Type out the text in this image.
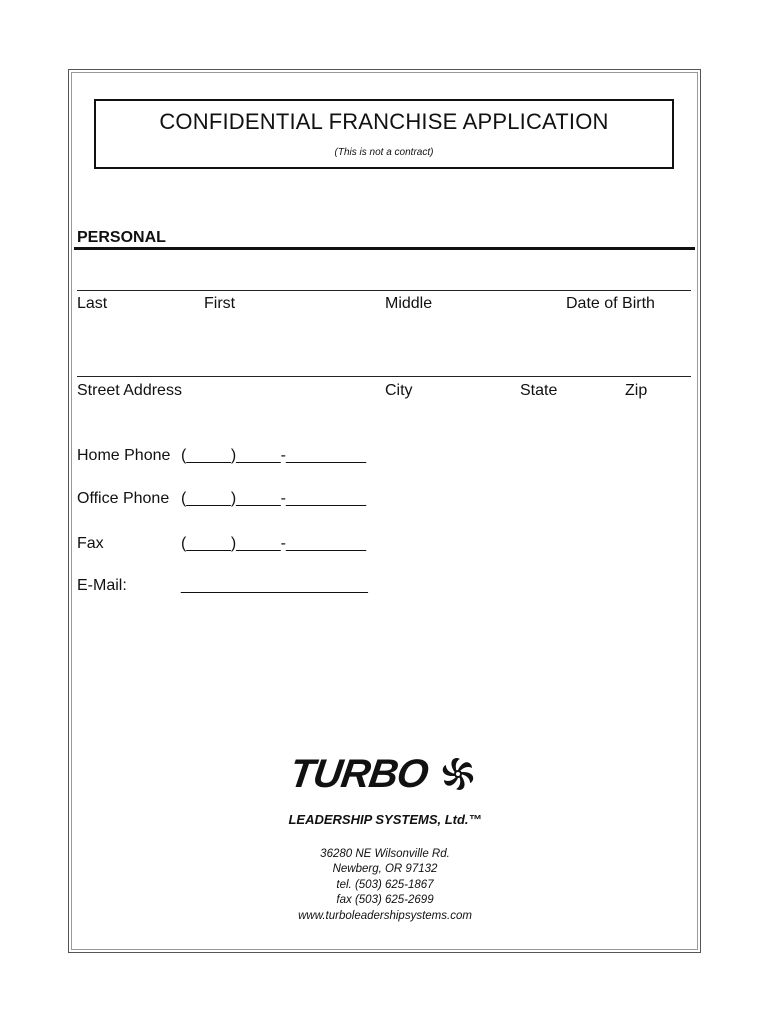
CONFIDENTIAL FRANCHISE APPLICATION
(This is not a contract)
PERSONAL
Last	First	Middle	Date of Birth
Street Address	City	State	Zip
Home Phone (_____)_____-_________
Office Phone (_____)_____-_________
Fax	(_____)_____-_________
E-Mail:	_____________________
TURBO
LEADERSHIP SYSTEMS, Ltd.™
36280 NE Wilsonville Rd.
Newberg, OR 97132
tel. (503) 625-1867
fax (503) 625-2699
www.turboleadershipsystems.com
